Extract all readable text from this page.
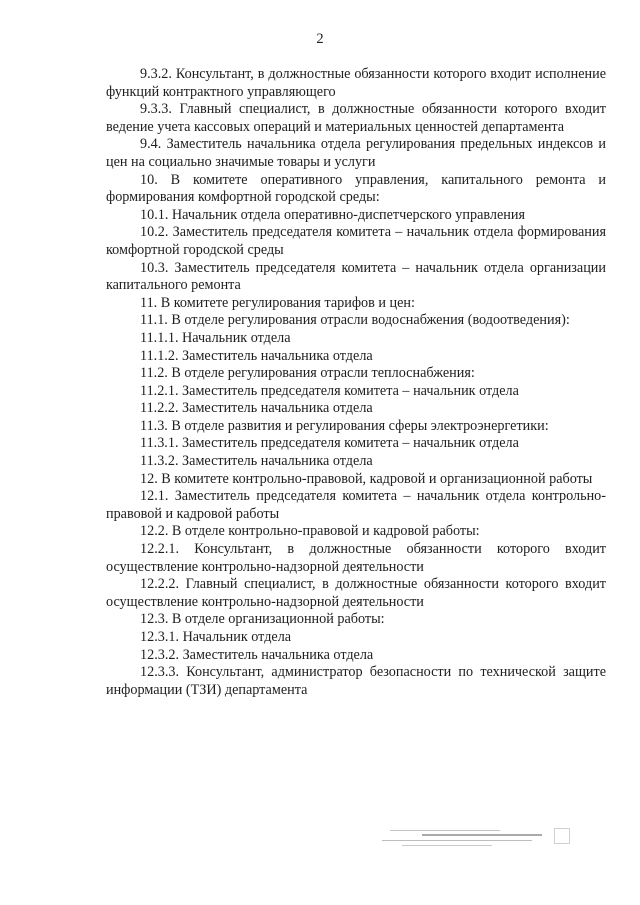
2

9.3.2. Консультант, в должностные обязанности которого входит исполнение функций контрактного управляющего

9.3.3. Главный специалист, в должностные обязанности которого входит ведение учета кассовых операций и материальных ценностей департамента

9.4. Заместитель начальника отдела регулирования предельных индексов и цен на социально значимые товары и услуги

10. В комитете оперативного управления, капитального ремонта и формирования комфортной городской среды:

10.1. Начальник отдела оперативно-диспетчерского управления

10.2. Заместитель председателя комитета – начальник отдела формирования комфортной городской среды

10.3. Заместитель председателя комитета – начальник отдела организации капитального ремонта

11. В комитете регулирования тарифов и цен:

11.1. В отделе регулирования отрасли водоснабжения (водоотведения):

11.1.1. Начальник отдела

11.1.2. Заместитель начальника отдела

11.2. В отделе регулирования отрасли теплоснабжения:

11.2.1. Заместитель председателя комитета – начальник отдела

11.2.2. Заместитель начальника отдела

11.3. В отделе развития и регулирования сферы электроэнергетики:

11.3.1. Заместитель председателя комитета – начальник отдела

11.3.2. Заместитель начальника отдела

12. В комитете контрольно-правовой, кадровой и организационной работы

12.1. Заместитель председателя комитета – начальник отдела контрольно-правовой и кадровой работы

12.2. В отделе контрольно-правовой и кадровой работы:

12.2.1. Консультант, в должностные обязанности которого входит осуществление контрольно-надзорной деятельности

12.2.2. Главный специалист, в должностные обязанности которого входит осуществление контрольно-надзорной деятельности

12.3. В отделе организационной работы:

12.3.1. Начальник отдела

12.3.2. Заместитель начальника отдела

12.3.3. Консультант, администратор безопасности по технической защите информации (ТЗИ) департамента
